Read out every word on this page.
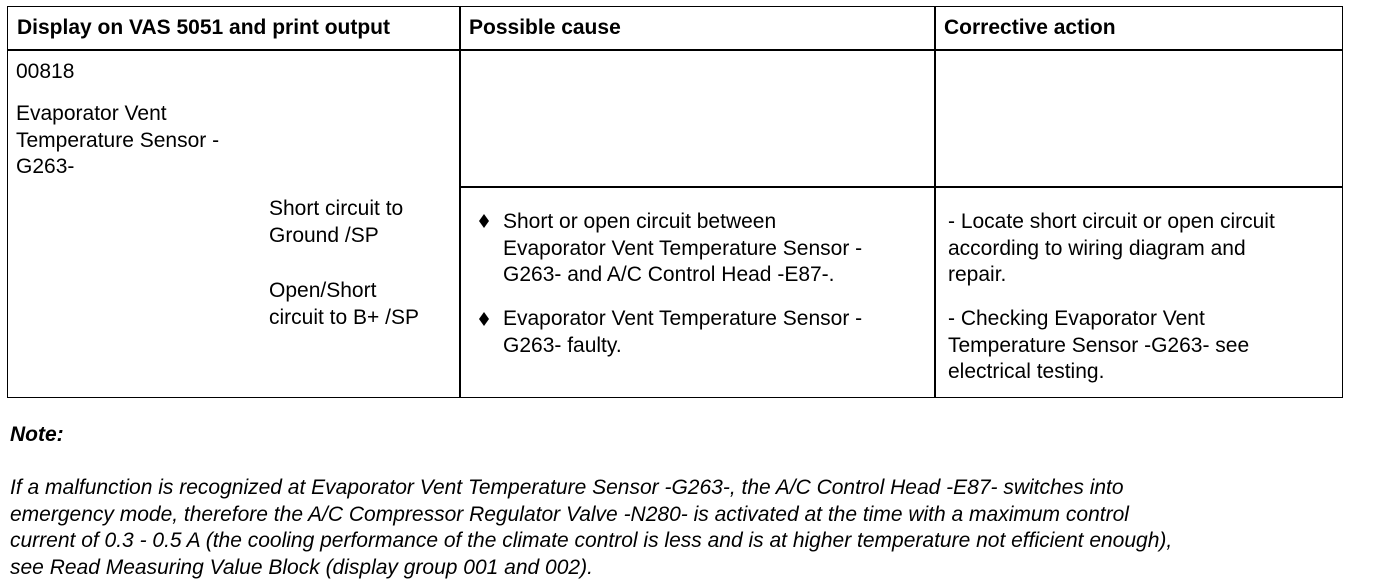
Display on VAS 5051 and print output	Possible cause	Corrective action
00818
Evaporator Vent
Temperature Sensor -
G263-
Short circuit to
Ground /SP
Open/Short
circuit to B+ /SP
Short or open circuit between
Evaporator Vent Temperature Sensor -
G263- and A/C Control Head -E87-.
Evaporator Vent Temperature Sensor -
G263- faulty.
- Locate short circuit or open circuit
according to wiring diagram and
repair.
- Checking Evaporator Vent
Temperature Sensor -G263- see
electrical testing.
Note:
If a malfunction is recognized at Evaporator Vent Temperature Sensor -G263-, the A/C Control Head -E87- switches into
emergency mode, therefore the A/C Compressor Regulator Valve -N280- is activated at the time with a maximum control
current of 0.3 - 0.5 A (the cooling performance of the climate control is less and is at higher temperature not efficient enough),
see Read Measuring Value Block (display group 001 and 002).
